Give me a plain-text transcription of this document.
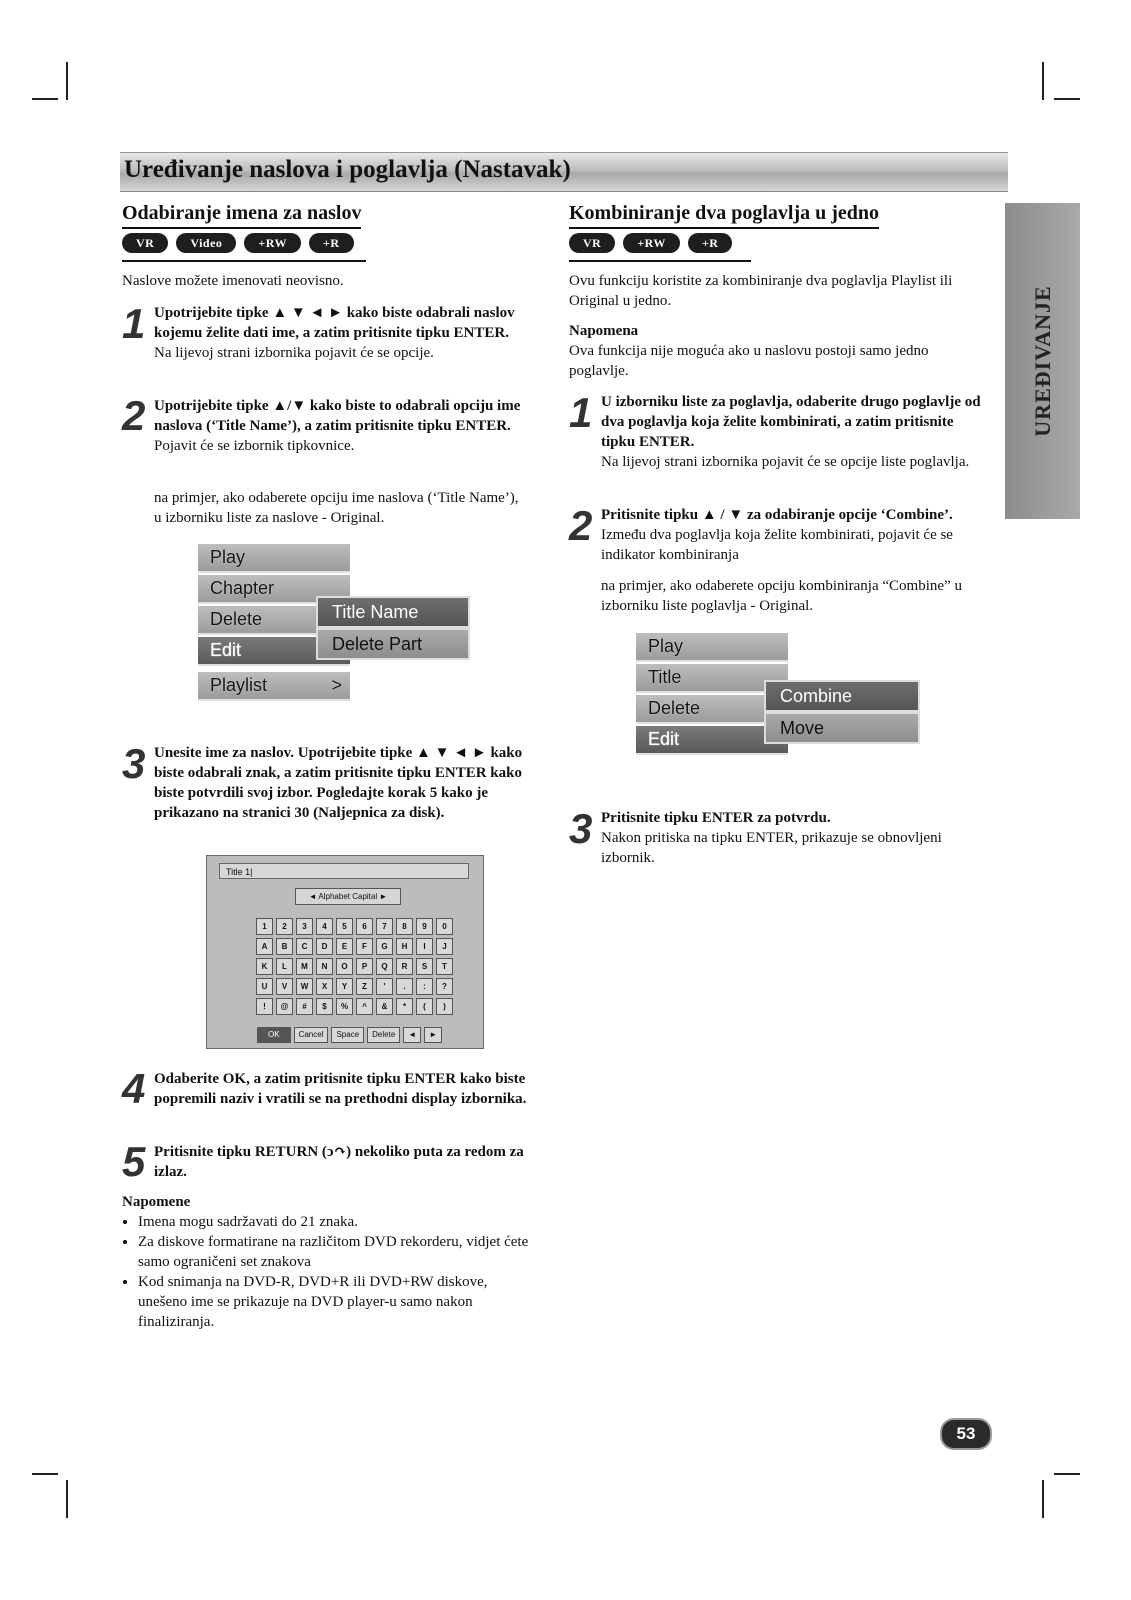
Uređivanje naslova i poglavlja (Nastavak)
UREĐIVANJE
Odabiranje imena za naslov
VR	Video	+RW	+R
Naslove možete imenovati neovisno.
1 Upotrijebite tipke ▲ ▼ ◄ ► kako biste odabrali naslov kojemu želite dati ime, a zatim pritisnite tipku ENTER.
Na lijevoj strani izbornika pojavit će se opcije.
2 Upotrijebite tipke ▲/▼ kako biste to odabrali opciju ime naslova (‘Title Name’), a zatim pritisnite tipku ENTER.
Pojavit će se izbornik tipkovnice.
na primjer, ako odaberete opciju ime naslova (‘Title Name’), u izborniku liste za naslove - Original.
Play
Chapter
Delete
Edit
Playlist	>
Title Name
Delete Part
3 Unesite ime za naslov. Upotrijebite tipke ▲ ▼ ◄ ► kako biste odabrali znak, a zatim pritisnite tipku ENTER kako biste potvrdili svoj izbor. Pogledajte korak 5 kako je prikazano na stranici 30 (Naljepnica za disk).
Title 1|
◄ Alphabet Capital ►
1	2	3	4	5	6	7	8	9	0
A	B	C	D	E	F	G	H	I	J
K	L	M	N	O	P	Q	R	S	T
U	V	W	X	Y	Z	'	.	:	?
!	@	#	$	%	^	&	*	(	)
OK	Cancel	Space	Delete	◄	►
4 Odaberite OK, a zatim pritisnite tipku ENTER kako biste popremili naziv i vratili se na prethodni display izbornika.
5 Pritisnite tipku RETURN (ↄ↷) nekoliko puta za redom za izlaz.
Napomene
• Imena mogu sadržavati do 21 znaka.
• Za diskove formatirane na različitom DVD rekorderu, vidjet ćete samo ograničeni set znakova
• Kod snimanja na DVD-R, DVD+R ili DVD+RW diskove, unešeno ime se prikazuje na DVD player-u samo nakon finaliziranja.
Kombiniranje dva poglavlja u jedno
VR	+RW	+R
Ovu funkciju koristite za kombiniranje dva poglavlja Playlist ili Original u jedno.
Napomena
Ova funkcija nije moguća ako u naslovu postoji samo jedno poglavlje.
1 U izborniku liste za poglavlja, odaberite drugo poglavlje od dva poglavlja koja želite kombinirati, a zatim pritisnite tipku ENTER.
Na lijevoj strani izbornika pojavit će se opcije liste poglavlja.
2 Pritisnite tipku ▲ / ▼ za odabiranje opcije ‘Combine’.
Između dva poglavlja koja želite kombinirati, pojavit će se indikator kombiniranja
na primjer, ako odaberete opciju kombiniranja “Combine” u izborniku liste poglavlja - Original.
Play
Title
Delete
Edit
Combine
Move
3 Pritisnite tipku ENTER za potvrdu.
Nakon pritiska na tipku ENTER, prikazuje se obnovljeni izbornik.
53
